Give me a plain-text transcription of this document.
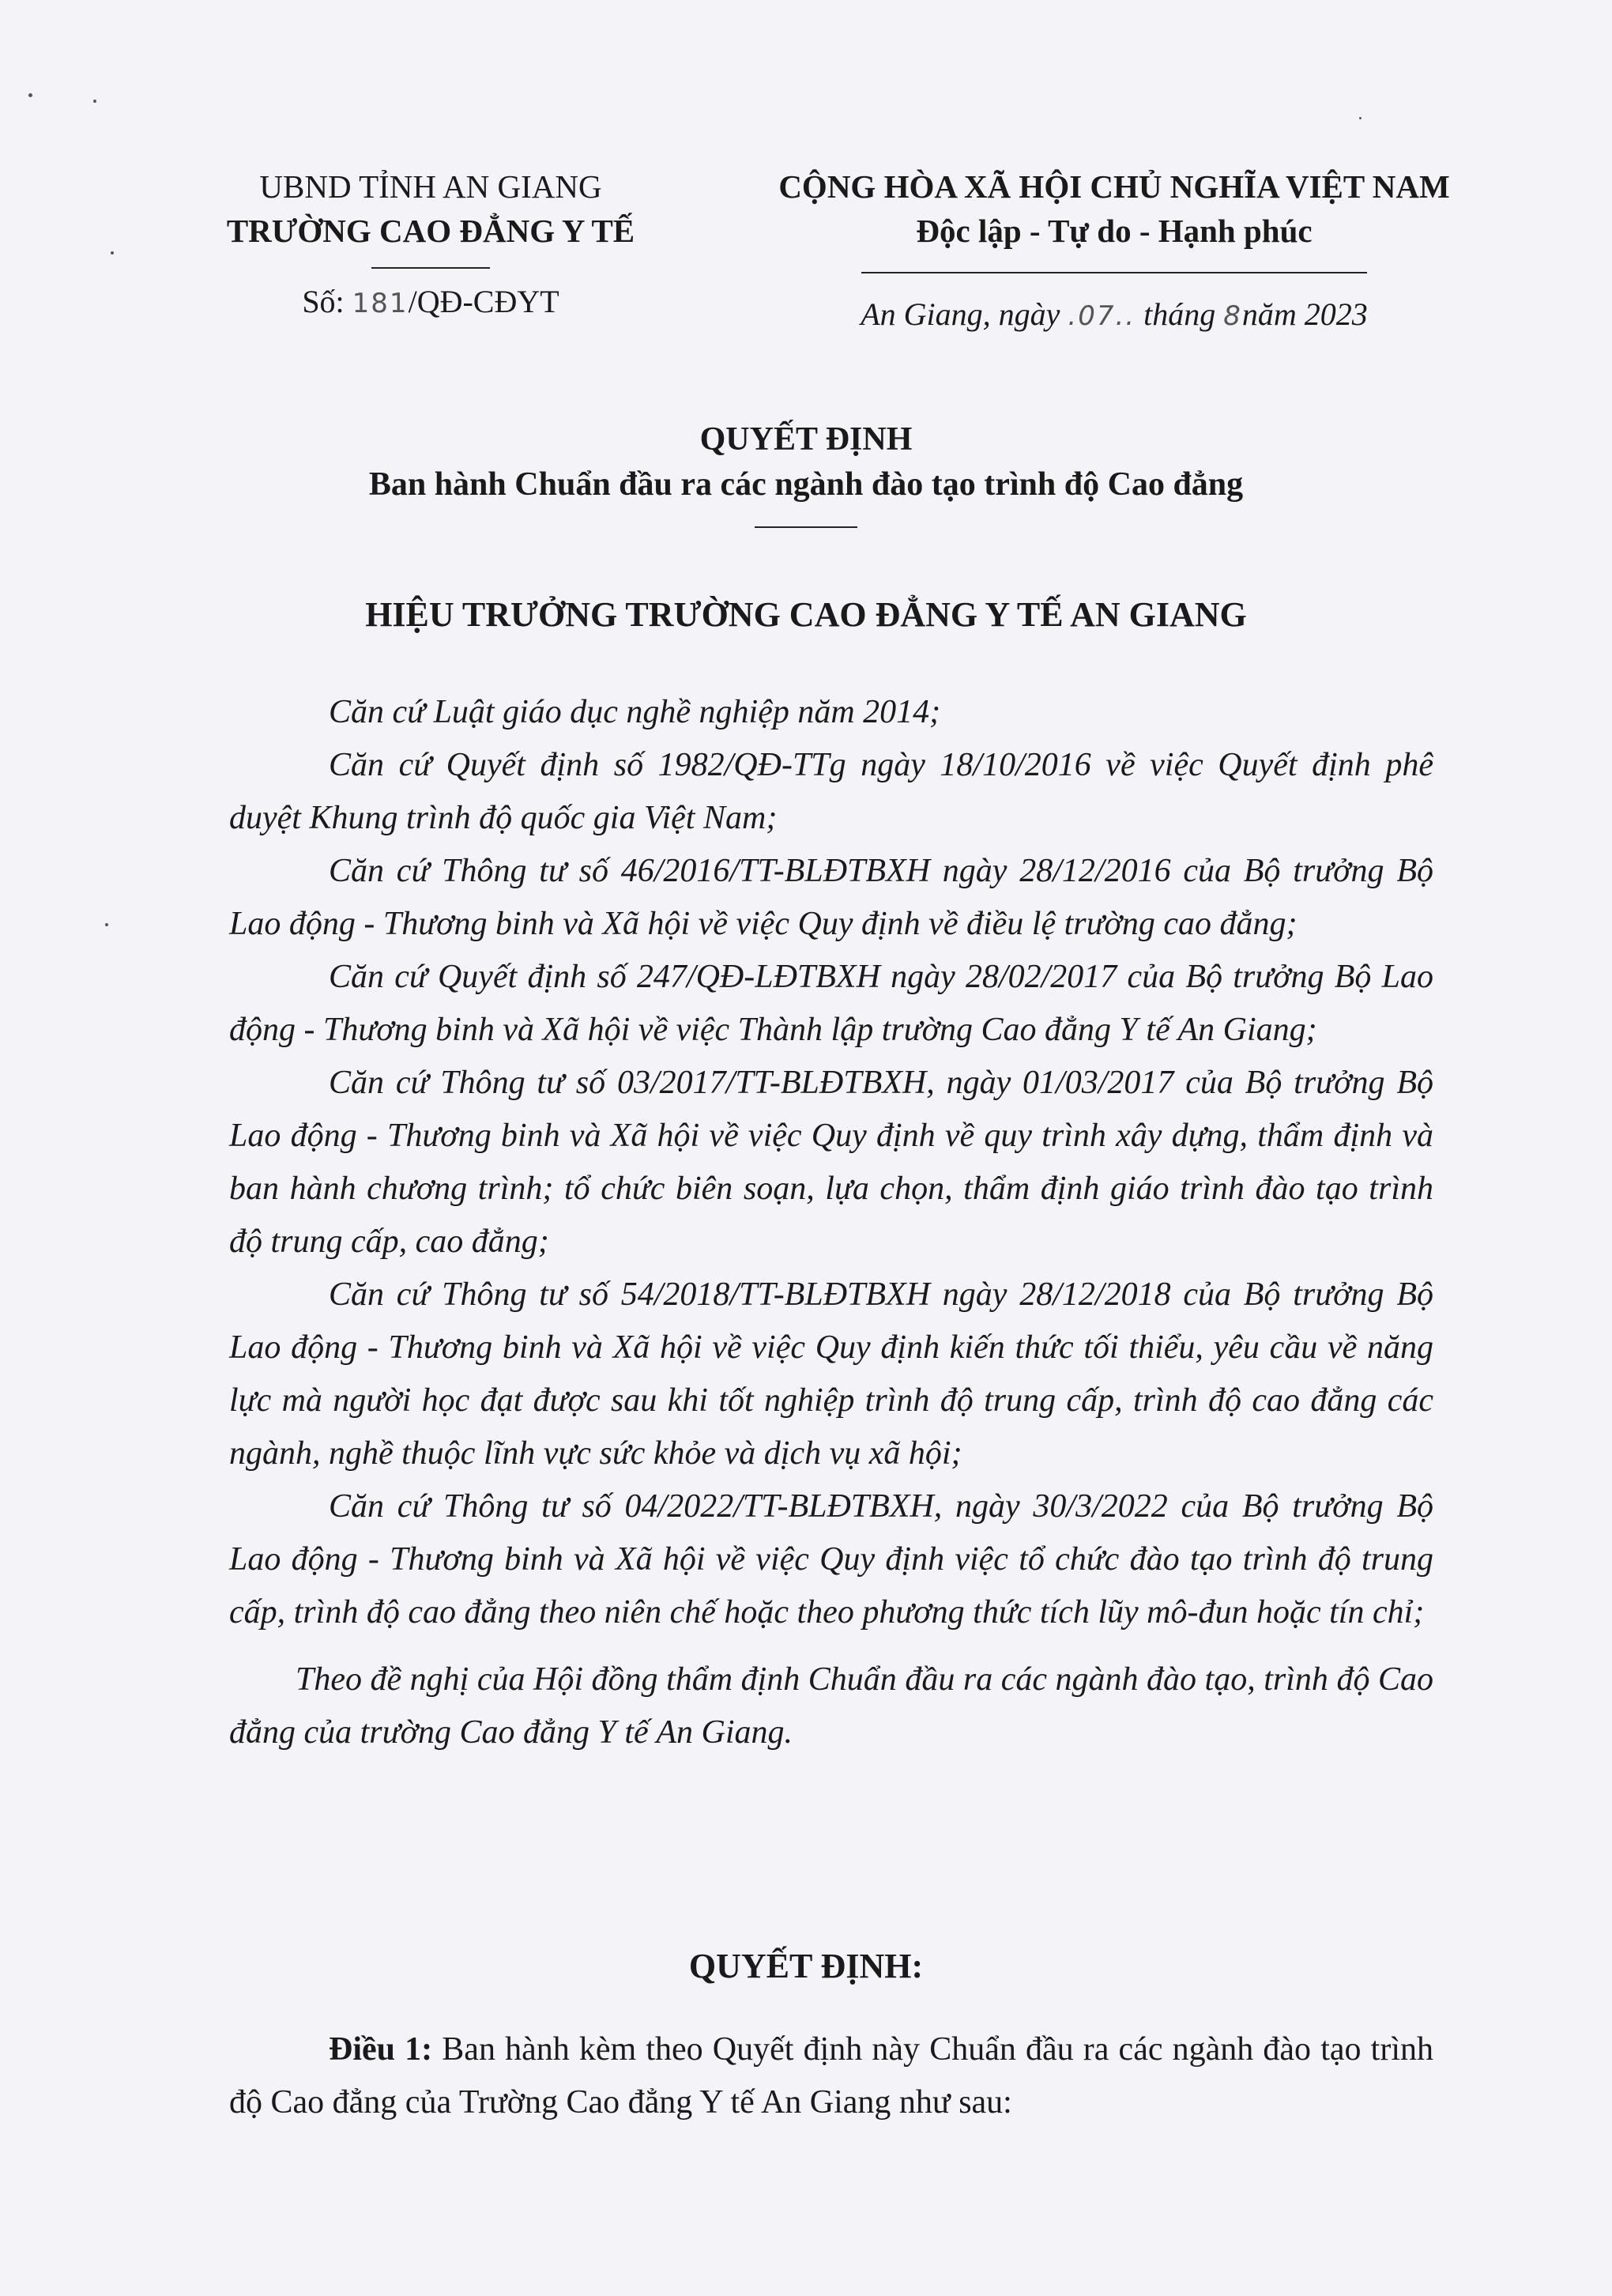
UBND TỈNH AN GIANG
TRƯỜNG CAO ĐẲNG Y TẾ
Số: 181/QĐ-CĐYT
CỘNG HÒA XÃ HỘI CHỦ NGHĨA VIỆT NAM
Độc lập - Tự do - Hạnh phúc
An Giang, ngày .07.. tháng 8năm 2023
QUYẾT ĐỊNH
Ban hành Chuẩn đầu ra các ngành đào tạo trình độ Cao đẳng
HIỆU TRƯỞNG TRƯỜNG CAO ĐẲNG Y TẾ AN GIANG

Căn cứ Luật giáo dục nghề nghiệp năm 2014;

Căn cứ Quyết định số 1982/QĐ-TTg ngày 18/10/2016 về việc Quyết định phê duyệt Khung trình độ quốc gia Việt Nam;

Căn cứ Thông tư số 46/2016/TT-BLĐTBXH ngày 28/12/2016 của Bộ trưởng Bộ Lao động - Thương binh và Xã hội về việc Quy định về điều lệ trường cao đẳng;

Căn cứ Quyết định số 247/QĐ-LĐTBXH ngày 28/02/2017 của Bộ trưởng Bộ Lao động - Thương binh và Xã hội về việc Thành lập trường Cao đẳng Y tế An Giang;

Căn cứ Thông tư số 03/2017/TT-BLĐTBXH, ngày 01/03/2017 của Bộ trưởng Bộ Lao động - Thương binh và Xã hội về việc Quy định về quy trình xây dựng, thẩm định và ban hành chương trình; tổ chức biên soạn, lựa chọn, thẩm định giáo trình đào tạo trình độ trung cấp, cao đẳng;

Căn cứ Thông tư số 54/2018/TT-BLĐTBXH ngày 28/12/2018 của Bộ trưởng Bộ Lao động - Thương binh và Xã hội về việc Quy định kiến thức tối thiểu, yêu cầu về năng lực mà người học đạt được sau khi tốt nghiệp trình độ trung cấp, trình độ cao đẳng các ngành, nghề thuộc lĩnh vực sức khỏe và dịch vụ xã hội;

Căn cứ Thông tư số 04/2022/TT-BLĐTBXH, ngày 30/3/2022 của Bộ trưởng Bộ Lao động - Thương binh và Xã hội về việc Quy định việc tổ chức đào tạo trình độ trung cấp, trình độ cao đẳng theo niên chế hoặc theo phương thức tích lũy mô-đun hoặc tín chỉ;

Theo đề nghị của Hội đồng thẩm định Chuẩn đầu ra các ngành đào tạo, trình độ Cao đẳng của trường Cao đẳng Y tế An Giang.

QUYẾT ĐỊNH:
Điều 1: Ban hành kèm theo Quyết định này Chuẩn đầu ra các ngành đào tạo trình độ Cao đẳng của Trường Cao đẳng Y tế An Giang như sau:
